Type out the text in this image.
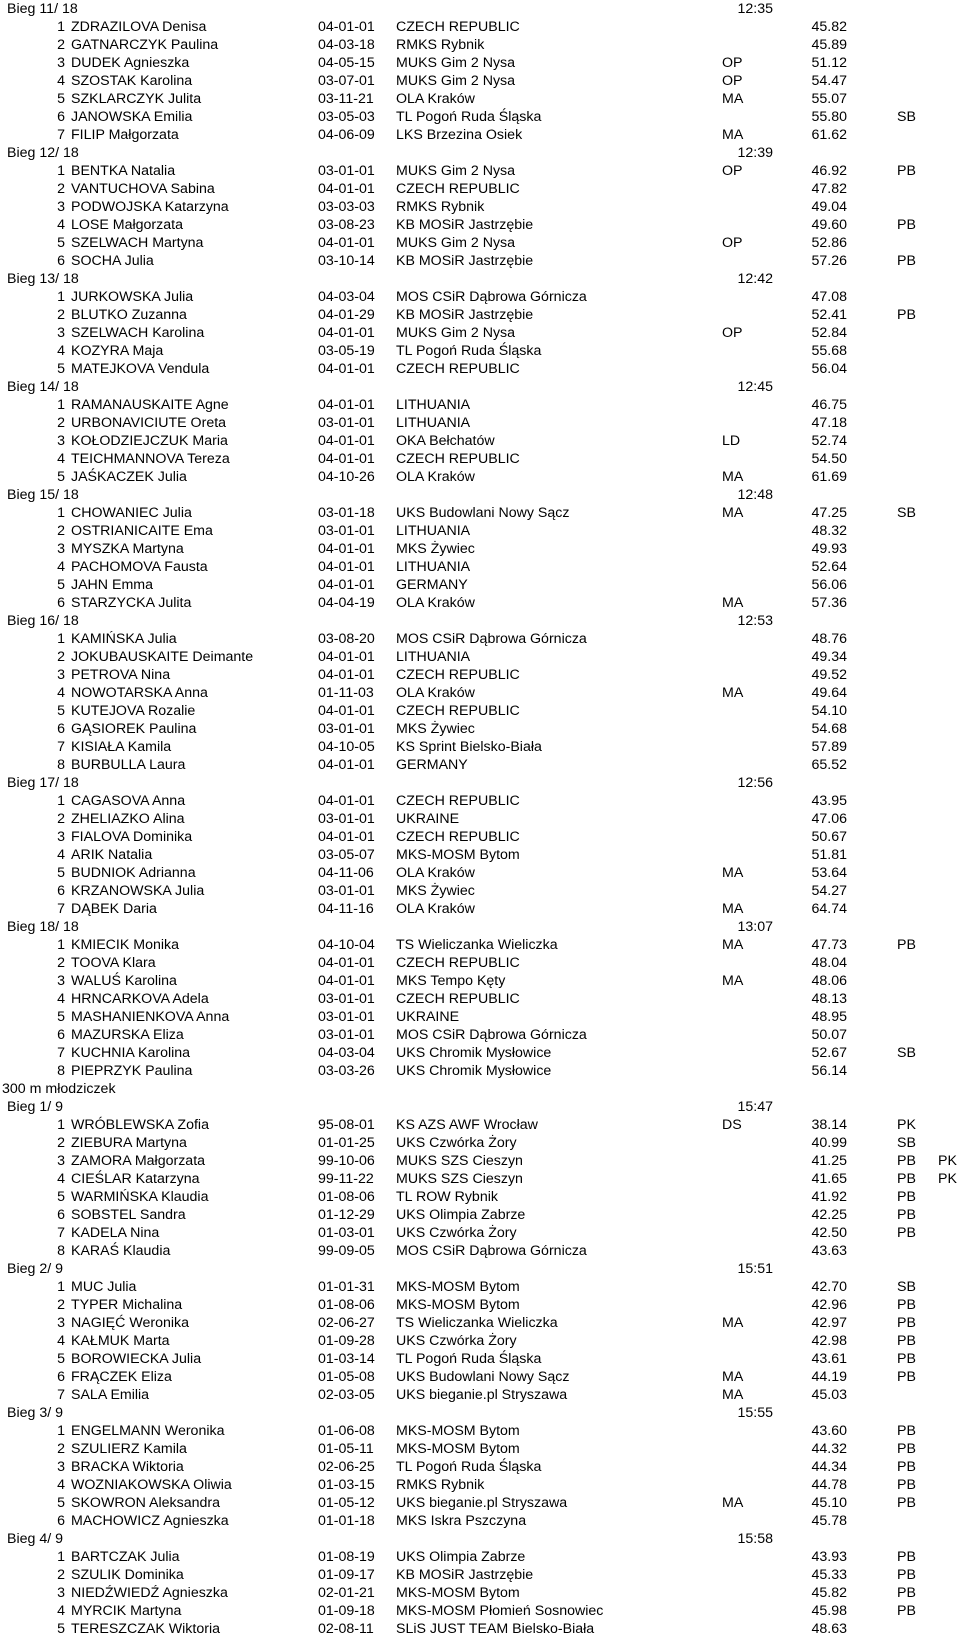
Bieg 11/ 18	12:35
1 ZDRAZILOVA Denisa	04-01-01 CZECH REPUBLIC	45.82
2 GATNARCZYK Paulina	04-03-18 RMKS Rybnik	45.89
3 DUDEK Agnieszka	04-05-15 MUKS Gim 2 Nysa	OP	51.12
4 SZOSTAK Karolina	03-07-01 MUKS Gim 2 Nysa	OP	54.47
5 SZKLARCZYK Julita	03-11-21 OLA Kraków	MA	55.07
6 JANOWSKA Emilia	03-05-03 TL Pogoń Ruda Śląska	55.80	SB
7 FILIP Małgorzata	04-06-09 LKS Brzezina Osiek	MA	61.62
Bieg 12/ 18	12:39
1 BENTKA Natalia	03-01-01 MUKS Gim 2 Nysa	OP	46.92	PB
2 VANTUCHOVA Sabina	04-01-01 CZECH REPUBLIC	47.82
3 PODWOJSKA Katarzyna	03-03-03 RMKS Rybnik	49.04
4 LOSE Małgorzata	03-08-23 KB MOSiR Jastrzębie	49.60	PB
5 SZELWACH Martyna	04-01-01 MUKS Gim 2 Nysa	OP	52.86
6 SOCHA Julia	03-10-14 KB MOSiR Jastrzębie	57.26	PB
Bieg 13/ 18	12:42
1 JURKOWSKA Julia	04-03-04 MOS CSiR Dąbrowa Górnicza	47.08
2 BLUTKO Zuzanna	04-01-29 KB MOSiR Jastrzębie	52.41	PB
3 SZELWACH Karolina	04-01-01 MUKS Gim 2 Nysa	OP	52.84
4 KOZYRA Maja	03-05-19 TL Pogoń Ruda Śląska	55.68
5 MATEJKOVA Vendula	04-01-01 CZECH REPUBLIC	56.04
Bieg 14/ 18	12:45
1 RAMANAUSKAITE Agne	04-01-01 LITHUANIA	46.75
2 URBONAVICIUTE Oreta	03-01-01 LITHUANIA	47.18
3 KOŁODZIEJCZUK Maria	04-01-01 OKA Bełchatów	LD	52.74
4 TEICHMANNOVA Tereza	04-01-01 CZECH REPUBLIC	54.50
5 JAŚKACZEK Julia	04-10-26 OLA Kraków	MA	61.69
Bieg 15/ 18	12:48
1 CHOWANIEC Julia	03-01-18 UKS Budowlani Nowy Sącz	MA	47.25	SB
2 OSTRIANICAITE Ema	03-01-01 LITHUANIA	48.32
3 MYSZKA Martyna	04-01-01 MKS Żywiec	49.93
4 PACHOMOVA Fausta	04-01-01 LITHUANIA	52.64
5 JAHN Emma	04-01-01 GERMANY	56.06
6 STARZYCKA Julita	04-04-19 OLA Kraków	MA	57.36
Bieg 16/ 18	12:53
1 KAMIŃSKA Julia	03-08-20 MOS CSiR Dąbrowa Górnicza	48.76
2 JOKUBAUSKAITE Deimante	04-01-01 LITHUANIA	49.34
3 PETROVA Nina	04-01-01 CZECH REPUBLIC	49.52
4 NOWOTARSKA Anna	01-11-03 OLA Kraków	MA	49.64
5 KUTEJOVA Rozalie	04-01-01 CZECH REPUBLIC	54.10
6 GĄSIOREK Paulina	03-01-01 MKS Żywiec	54.68
7 KISIAŁA Kamila	04-10-05 KS Sprint Bielsko-Biała	57.89
8 BURBULLA Laura	04-01-01 GERMANY	65.52
Bieg 17/ 18	12:56
1 CAGASOVA Anna	04-01-01 CZECH REPUBLIC	43.95
2 ZHELIAZKO Alina	03-01-01 UKRAINE	47.06
3 FIALOVA Dominika	04-01-01 CZECH REPUBLIC	50.67
4 ARIK Natalia	03-05-07 MKS-MOSM Bytom	51.81
5 BUDNIOK Adrianna	04-11-06 OLA Kraków	MA	53.64
6 KRZANOWSKA Julia	03-01-01 MKS Żywiec	54.27
7 DĄBEK Daria	04-11-16 OLA Kraków	MA	64.74
Bieg 18/ 18	13:07
1 KMIECIK Monika	04-10-04 TS Wieliczanka Wieliczka	MA	47.73	PB
2 TOOVA Klara	04-01-01 CZECH REPUBLIC	48.04
3 WALUŚ Karolina	04-01-01 MKS Tempo Kęty	MA	48.06
4 HRNCARKOVA Adela	03-01-01 CZECH REPUBLIC	48.13
5 MASHANIENKOVA Anna	03-01-01 UKRAINE	48.95
6 MAZURSKA Eliza	03-01-01 MOS CSiR Dąbrowa Górnicza	50.07
7 KUCHNIA Karolina	04-03-04 UKS Chromik Mysłowice	52.67	SB
8 PIEPRZYK Paulina	03-03-26 UKS Chromik Mysłowice	56.14
300 m młodziczek
Bieg 1/ 9	15:47
1 WRÓBLEWSKA Zofia	95-08-01 KS AZS AWF Wrocław	DS	38.14	PK
2 ZIEBURA Martyna	01-01-25 UKS Czwórka Żory	40.99	SB
3 ZAMORA Małgorzata	99-10-06 MUKS SZS Cieszyn	41.25	PB PK
4 CIEŚLAR Katarzyna	99-11-22 MUKS SZS Cieszyn	41.65	PB PK
5 WARMIŃSKA Klaudia	01-08-06 TL ROW Rybnik	41.92	PB
6 SOBSTEL Sandra	01-12-29 UKS Olimpia Zabrze	42.25	PB
7 KADELA Nina	01-03-01 UKS Czwórka Żory	42.50	PB
8 KARAŚ Klaudia	99-09-05 MOS CSiR Dąbrowa Górnicza	43.63
Bieg 2/ 9	15:51
1 MUC Julia	01-01-31 MKS-MOSM Bytom	42.70	SB
2 TYPER Michalina	01-08-06 MKS-MOSM Bytom	42.96	PB
3 NAGIĘĆ Weronika	02-06-27 TS Wieliczanka Wieliczka	MA	42.97	PB
4 KAŁMUK Marta	01-09-28 UKS Czwórka Żory	42.98	PB
5 BOROWIECKA Julia	01-03-14 TL Pogoń Ruda Śląska	43.61	PB
6 FRĄCZEK Eliza	01-05-08 UKS Budowlani Nowy Sącz	MA	44.19	PB
7 SALA Emilia	02-03-05 UKS bieganie.pl Stryszawa	MA	45.03
Bieg 3/ 9	15:55
1 ENGELMANN Weronika	01-06-08 MKS-MOSM Bytom	43.60	PB
2 SZULIERZ Kamila	01-05-11 MKS-MOSM Bytom	44.32	PB
3 BRACKA Wiktoria	02-06-25 TL Pogoń Ruda Śląska	44.34	PB
4 WOZNIAKOWSKA Oliwia	01-03-15 RMKS Rybnik	44.78	PB
5 SKOWRON Aleksandra	01-05-12 UKS bieganie.pl Stryszawa	MA	45.10	PB
6 MACHOWICZ Agnieszka	01-01-18 MKS Iskra Pszczyna	45.78
Bieg 4/ 9	15:58
1 BARTCZAK Julia	01-08-19 UKS Olimpia Zabrze	43.93	PB
2 SZULIK Dominika	01-09-17 KB MOSiR Jastrzębie	45.33	PB
3 NIEDŹWIEDŹ Agnieszka	02-01-21 MKS-MOSM Bytom	45.82	PB
4 MYRCIK Martyna	01-09-18 MKS-MOSM Płomień Sosnowiec	45.98	PB
5 TERESZCZAK Wiktoria	02-08-11 SLiS JUST TEAM Bielsko-Biała	48.63
